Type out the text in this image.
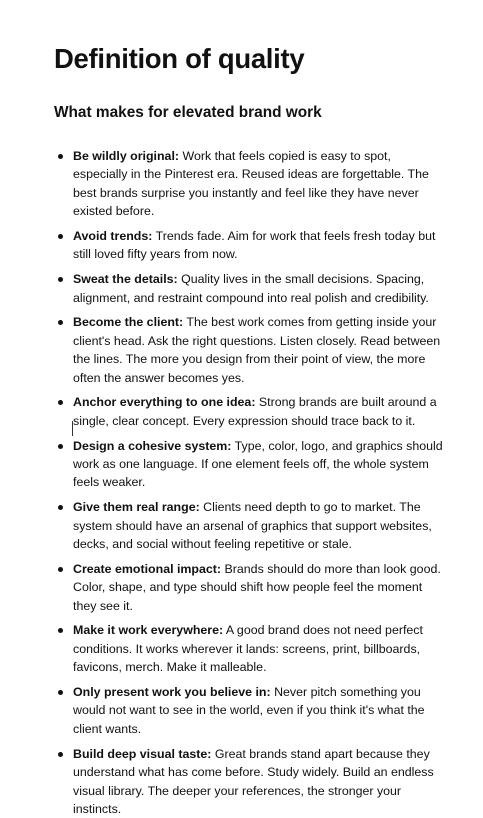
Definition of quality
What makes for elevated brand work
Be wildly original: Work that feels copied is easy to spot, especially in the Pinterest era. Reused ideas are forgettable. The best brands surprise you instantly and feel like they have never existed before.
Avoid trends: Trends fade. Aim for work that feels fresh today but still loved fifty years from now.
Sweat the details: Quality lives in the small decisions. Spacing, alignment, and restraint compound into real polish and credibility.
Become the client: The best work comes from getting inside your client's head. Ask the right questions. Listen closely. Read between the lines. The more you design from their point of view, the more often the answer becomes yes.
Anchor everything to one idea: Strong brands are built around a single, clear concept. Every expression should trace back to it.
Design a cohesive system: Type, color, logo, and graphics should work as one language. If one element feels off, the whole system feels weaker.
Give them real range: Clients need depth to go to market. The system should have an arsenal of graphics that support websites, decks, and social without feeling repetitive or stale.
Create emotional impact: Brands should do more than look good. Color, shape, and type should shift how people feel the moment they see it.
Make it work everywhere: A good brand does not need perfect conditions. It works wherever it lands: screens, print, billboards, favicons, merch. Make it malleable.
Only present work you believe in: Never pitch something you would not want to see in the world, even if you think it's what the client wants.
Build deep visual taste: Great brands stand apart because they understand what has come before. Study widely. Build an endless visual library. The deeper your references, the stronger your instincts.
